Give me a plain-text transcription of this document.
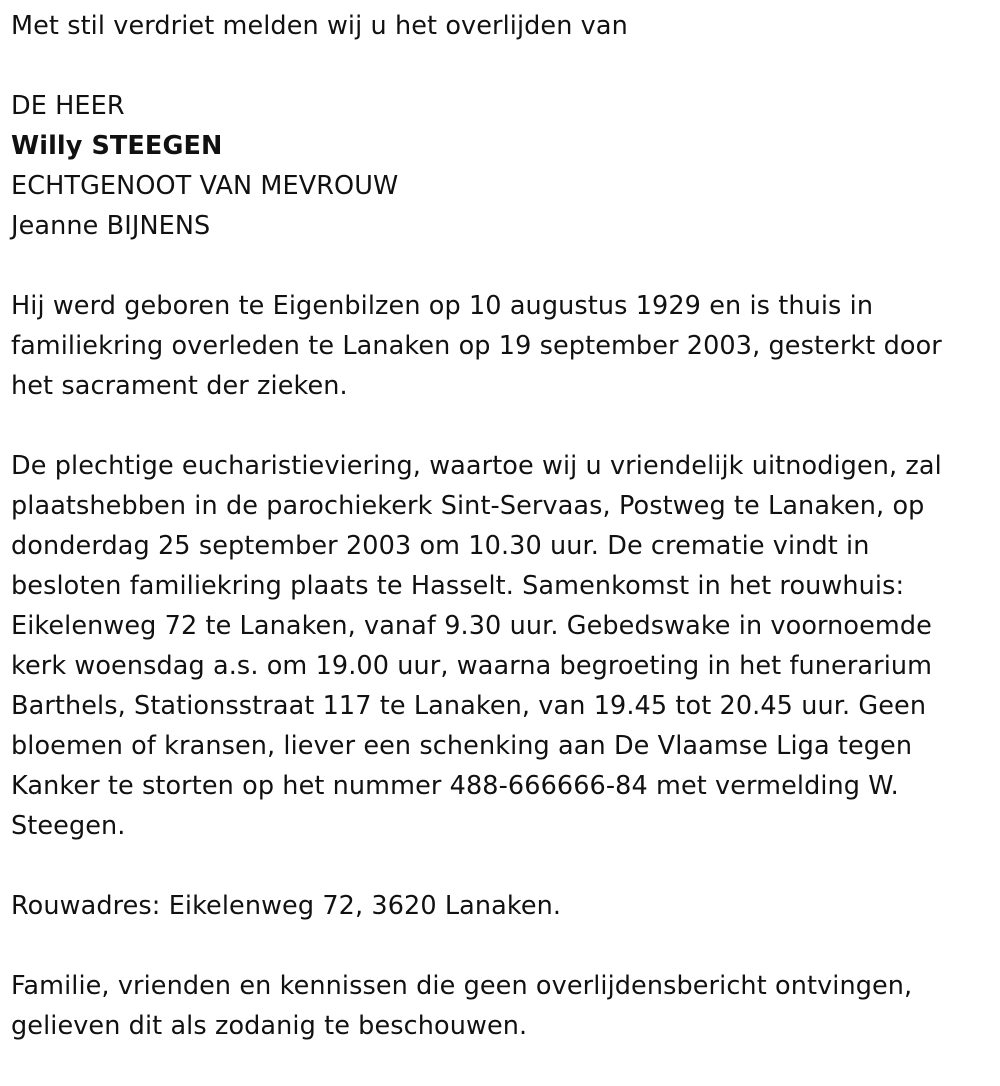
Met stil verdriet melden wij u het overlijden van

DE HEER

Willy STEEGEN

ECHTGENOOT VAN MEVROUW

Jeanne BIJNENS

Hij werd geboren te Eigenbilzen op 10 augustus 1929 en is thuis in familiekring overleden te Lanaken op 19 september 2003, gesterkt door het sacrament der zieken.

De plechtige eucharistieviering, waartoe wij u vriendelijk uitnodigen, zal plaatshebben in de parochiekerk Sint-Servaas, Postweg te Lanaken, op donderdag 25 september 2003 om 10.30 uur. De crematie vindt in besloten familiekring plaats te Hasselt. Samenkomst in het rouwhuis: Eikelenweg 72 te Lanaken, vanaf 9.30 uur. Gebedswake in voornoemde kerk woensdag a.s. om 19.00 uur, waarna begroeting in het funerarium Barthels, Stationsstraat 117 te Lanaken, van 19.45 tot 20.45 uur. Geen bloemen of kransen, liever een schenking aan De Vlaamse Liga tegen Kanker te storten op het nummer 488-666666-84 met vermelding W. Steegen.

Rouwadres: Eikelenweg 72, 3620 Lanaken.

Familie, vrienden en kennissen die geen overlijdensbericht ontvingen, gelieven dit als zodanig te beschouwen.
